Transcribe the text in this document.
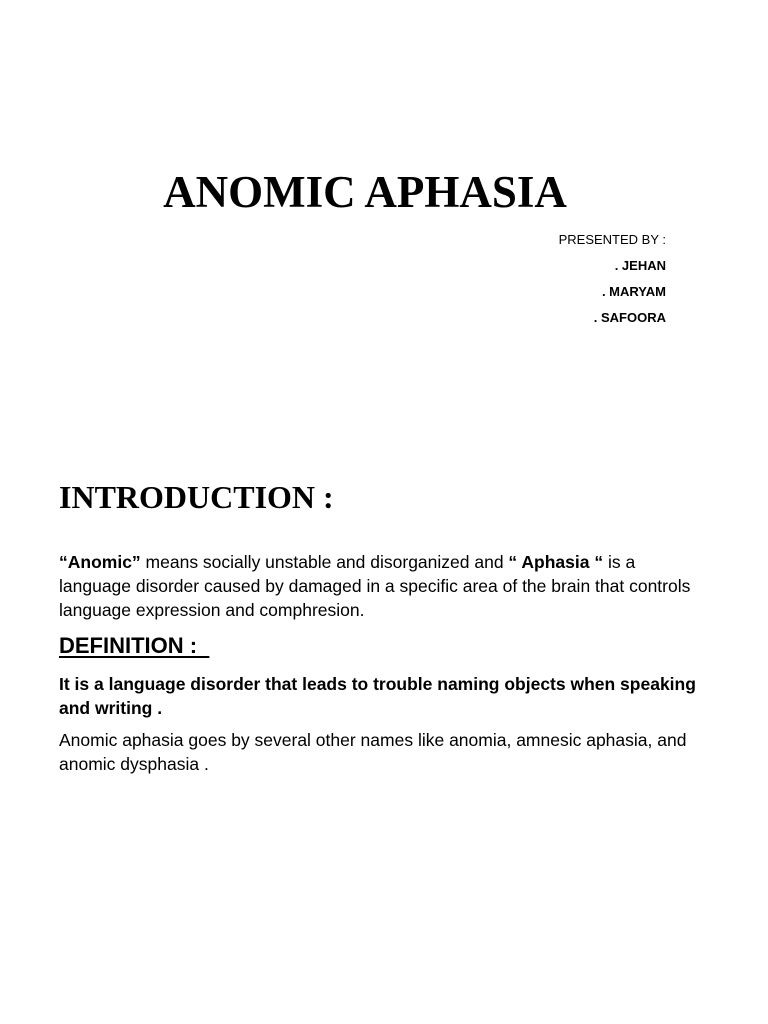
ANOMIC APHASIA

PRESENTED BY :

. JEHAN

. MARYAM

. SAFOORA

INTRODUCTION :

“Anomic” means socially unstable and disorganized and “ Aphasia “ is a language disorder caused by damaged in a specific area of the brain that controls language expression and comphresion.

DEFINITION :

It is a language disorder that leads to trouble naming objects when speaking and writing .

Anomic aphasia goes by several other names like anomia, amnesic aphasia, and anomic dysphasia .
